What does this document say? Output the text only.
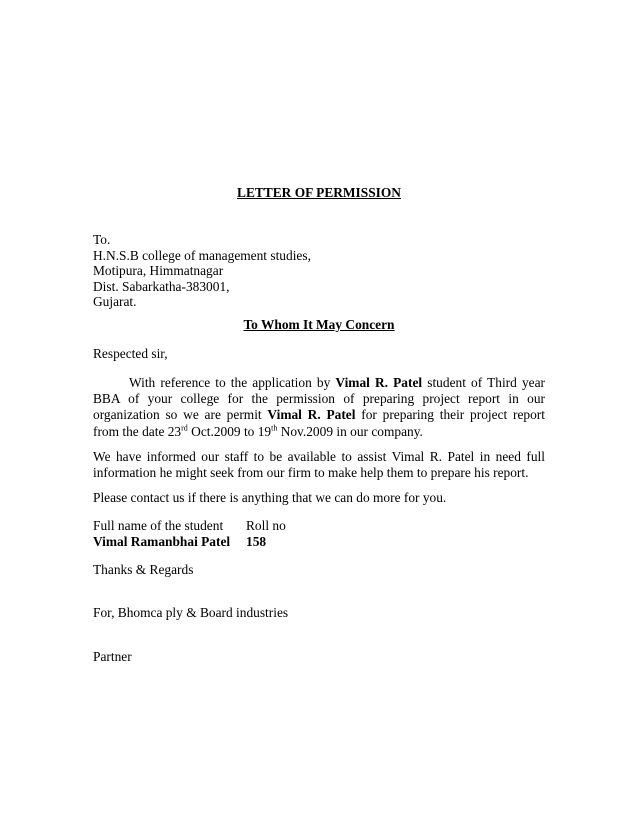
LETTER OF PERMISSION
To.
H.N.S.B college of management studies,
Motipura, Himmatnagar
Dist. Sabarkatha-383001,
Gujarat.
To Whom It May Concern
Respected sir,
With reference to the application by Vimal R. Patel student of Third year BBA of your college for the permission of preparing project report in our organization so we are permit Vimal R. Patel for preparing their project report from the date 23rd Oct.2009 to 19th Nov.2009 in our company.
We have informed our staff to be available to assist Vimal R. Patel in need full information he might seek from our firm to make help them to prepare his report.
Please contact us if there is anything that we can do more for you.
Full name of the student	Roll no
Vimal Ramanbhai Patel	158
Thanks & Regards
For, Bhomca ply & Board industries
Partner
